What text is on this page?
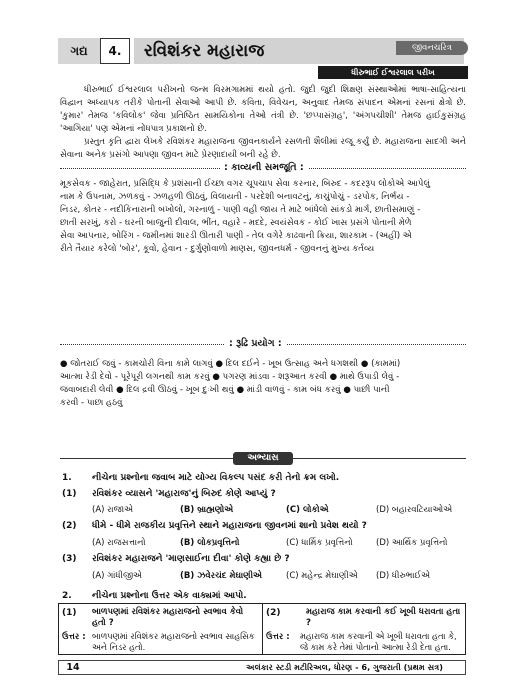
ગદ્ય	4.	રવિશંકર મહારાજ	જીવનચરિત્ર
ધીરુભાઈ ઈશ્વરલાલ પરીખ
ધીરુભાઈ ઈશ્વરલાલ પરીખનો જન્મ વિરમગામમાં થયો હતો. જુદી જુદી શિક્ષણ સંસ્થાઓમાં ભાષા-સાહિત્યના વિદ્વાન અધ્યાપક તરીકે પોતાની સેવાઓ આપી છે. કવિતા, વિવેચન, અનુવાદ તેમજ સંપાદન એમનાં રસનાં ક્ષેત્રો છે. 'કુમાર' તેમજ 'કવિલોક' જેવા પ્રતિષ્ઠિત સામયિકોના તેઓ તંત્રી છે. 'છપ્પાસંગ્રહ', 'અંગપચીશી' તેમજ હાઈકુસંગ્રહ 'આગિયા' પણ એમનાં નોંધપાત્ર પ્રકાશનો છે.
પ્રસ્તુત કૃતિ દ્વારા લેખકે રવિશંકર મહારાજના જીવનકાર્યને રસળતી શૈલીમાં રજૂ કર્યું છે. મહારાજના સાદગી અને સેવાના અનેક પ્રસંગો આપણા જીવન માટે પ્રેરણાદાયી બની રહે છે.
: કાવ્યની સમજૂતિ :
મૂકસેવક - જાહેરાત, પ્રસિદ્ધિ કે પ્રશંસાની ઈચ્છા વગર ચૂપચાપ સેવા કરનાર, બિરુદ - કદરરૂપ લોકોએ આપેલું
નામ કે ઉપનામ, ઝળકવું - ઝળહળી ઊઠવું, વિલાયતી - પરદેશી બનાવટનું, કાચુંપોચું - ડરપોક, નિર્ભય -
નિડર, કોતર - નદીકિનારાની બખોલો, ગરનાળું - પાણી વહી જાય તે માટે બાંધેલો સાંકડો માર્ગ, છાતીસમાણું -
છાતી સરખું, કરો - ઘરની બાજુની દીવાલ, ભીંત, વહારે - મદદે, સ્વયંસેવક - કોઈ ખાસ પ્રસંગે પોતાની મેળે
સેવા આપનાર, બોરિંગ - જમીનમાં શારડી ઊતારી પાણી - તેલ વગેરે કાઢવાની ક્રિયા, શારકામ - (અહીં) એ
રીતે તૈયાર કરેલો 'બોર', કૂવો, હેવાન - દુર્ગુણોવાળો માણસ, જીવનધર્મ - જીવનનું મુખ્ય કર્તવ્ય
: રૂઢિ પ્રયોગ :
● જોતરાઈ જવું - કામચોરી વિના કામે લાગવું ● દિલ દઈને - ખૂબ ઉત્સાહ અને ધગશથી ● (કામમાં)
આત્મા રેડી દેવો - પૂરેપૂરી લગનથી કામ કરવું ● પગરણ માંડવા - શરૂઆત કરવી ● માથે ઉપાડી લેવું -
જવાબદારી લેવી ● દિલ દ્રવી ઊઠવું - ખૂબ દુઃખી થવું ● માંડી વાળવું - કામ બંધ કરવું ● પાછી પાની
કરવી - પાછા હઠવું
અભ્યાસ
1. નીચેના પ્રશ્નોના જવાબ માટે યોગ્ય વિકલ્પ પસંદ કરી તેનો ક્રમ લખો.
(1) રવિશંકર વ્યાસને 'મહારાજ'નું બિરુદ કોણે આપ્યું ?
(A) રાજાએ	(B) બ્રાહ્મણોએ	(C) લોકોએ	(D) બહારવટિયાઓએ
(2) ધીમે - ધીમે રાજકીય પ્રવૃત્તિને સ્થાને મહારાજના જીવનમાં શાનો પ્રવેશ થયો ?
(A) રાજસત્તાનો	(B) લોકપ્રવૃત્તિનો	(C) ધાર્મિક પ્રવૃત્તિનો	(D) આર્થિક પ્રવૃત્તિનો
(3) રવિશંકર મહારાજને 'માણસાઈના દીવા' કોણે કહ્યા છે ?
(A) ગાંધીજીએ	(B) ઝવેરચંદ મેઘાણીએ	(C) મહેન્દ્ર મેઘાણીએ (D) ધીરુભાઈએ
2. નીચેના પ્રશ્નોના ઉત્તર એક વાક્યમાં આપો.
(1) બાળપણમાં રવિશંકર મહારાજનો સ્વભાવ કેવો હતો ?
ઉત્તર : બાળપણમાં રવિશંકર મહારાજનો સ્વભાવ સાહસિક અને નિડર હતો.
(2)	મહારાજ કામ કરવાની કઈ ખૂબી ધરાવતા હતા ?
ઉત્તર : મહારાજ કામ કરવાની એ ખૂબી ધરાવતા હતા કે, જે કામ કરે તેમાં પોતાનો આત્મા રેડી દેતા હતા.
14	અલંકાર સ્ટડી મટીરિઅલ, ધોરણ - 6, ગુજરાતી (પ્રથમ સત્ર)
